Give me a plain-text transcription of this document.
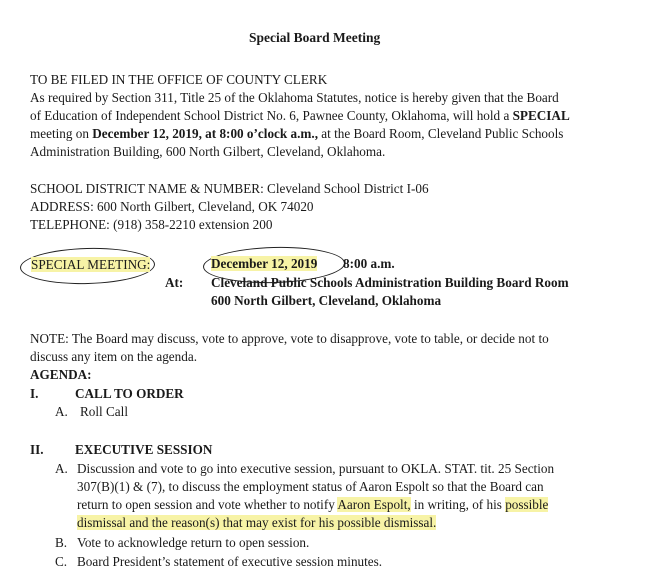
Special Board Meeting
TO BE FILED IN THE OFFICE OF COUNTY CLERK
As required by Section 311, Title 25 of the Oklahoma Statutes, notice is hereby given that the Board
of Education of Independent School District No. 6, Pawnee County, Oklahoma, will hold a SPECIAL
meeting on December 12, 2019, at 8:00 o’clock a.m., at the Board Room, Cleveland Public Schools
Administration Building, 600 North Gilbert, Cleveland, Oklahoma.
SCHOOL DISTRICT NAME & NUMBER: Cleveland School District I-06
ADDRESS: 600 North Gilbert, Cleveland, OK 74020
TELEPHONE: (918) 358-2210 extension 200
SPECIAL MEETING:	December 12, 2019 8:00 a.m.
At: Cleveland Public Schools Administration Building Board Room
600 North Gilbert, Cleveland, Oklahoma
NOTE: The Board may discuss, vote to approve, vote to disapprove, vote to table, or decide not to
discuss any item on the agenda.
AGENDA:
I.	CALL TO ORDER
A. Roll Call
II. EXECUTIVE SESSION
A. Discussion and vote to go into executive session, pursuant to OKLA. STAT. tit. 25 Section
307(B)(1) & (7), to discuss the employment status of Aaron Espolt so that the Board can
return to open session and vote whether to notify Aaron Espolt, in writing, of his possible
dismissal and the reason(s) that may exist for his possible dismissal.
B. Vote to acknowledge return to open session.
C. Board President’s statement of executive session minutes.
